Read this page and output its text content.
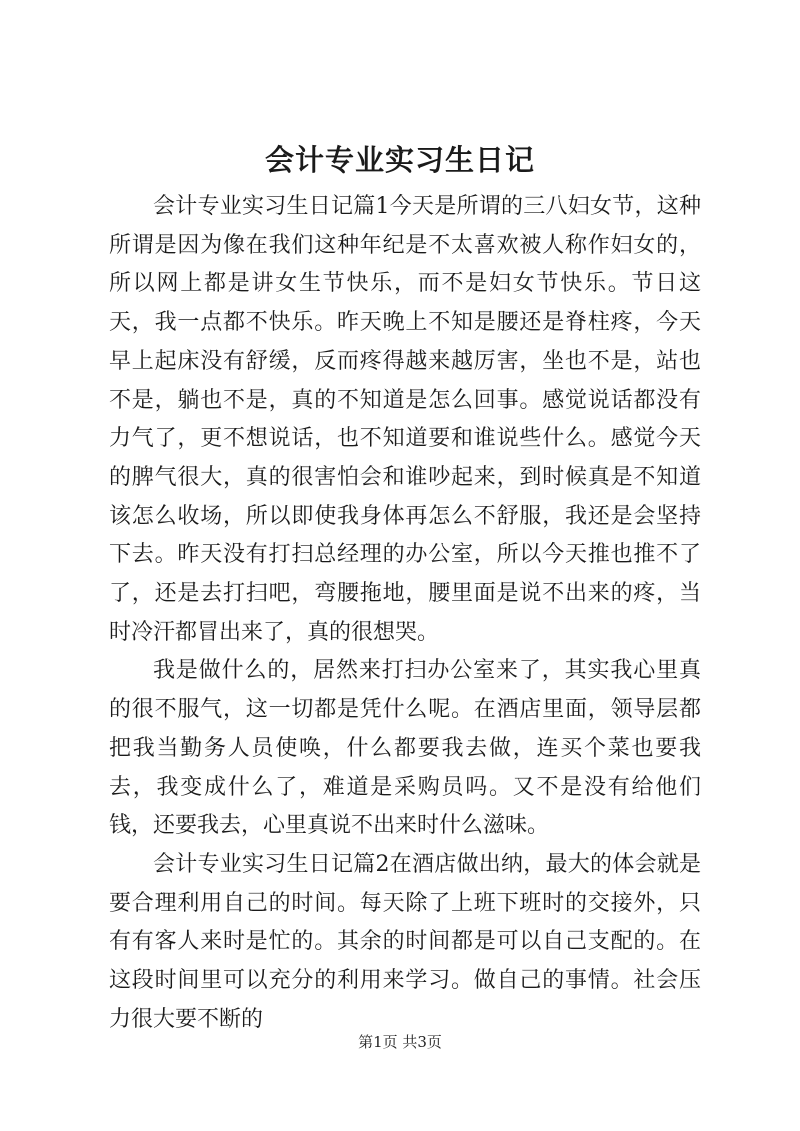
会计专业实习生日记

会计专业实习生日记篇1今天是所谓的三八妇女节，这种所谓是因为像在我们这种年纪是不太喜欢被人称作妇女的，所以网上都是讲女生节快乐，而不是妇女节快乐。节日这天，我一点都不快乐。昨天晚上不知是腰还是脊柱疼，今天早上起床没有舒缓，反而疼得越来越厉害，坐也不是，站也不是，躺也不是，真的不知道是怎么回事。感觉说话都没有力气了，更不想说话，也不知道要和谁说些什么。感觉今天的脾气很大，真的很害怕会和谁吵起来，到时候真是不知道该怎么收场，所以即使我身体再怎么不舒服，我还是会坚持下去。昨天没有打扫总经理的办公室，所以今天推也推不了了，还是去打扫吧，弯腰拖地，腰里面是说不出来的疼，当时冷汗都冒出来了，真的很想哭。

我是做什么的，居然来打扫办公室来了，其实我心里真的很不服气，这一切都是凭什么呢。在酒店里面，领导层都把我当勤务人员使唤，什么都要我去做，连买个菜也要我去，我变成什么了，难道是采购员吗。又不是没有给他们钱，还要我去，心里真说不出来时什么滋味。

会计专业实习生日记篇2在酒店做出纳，最大的体会就是要合理利用自己的时间。每天除了上班下班时的交接外，只有有客人来时是忙的。其余的时间都是可以自己支配的。在这段时间里可以充分的利用来学习。做自己的事情。社会压力很大要不断的

第1页 共3页
